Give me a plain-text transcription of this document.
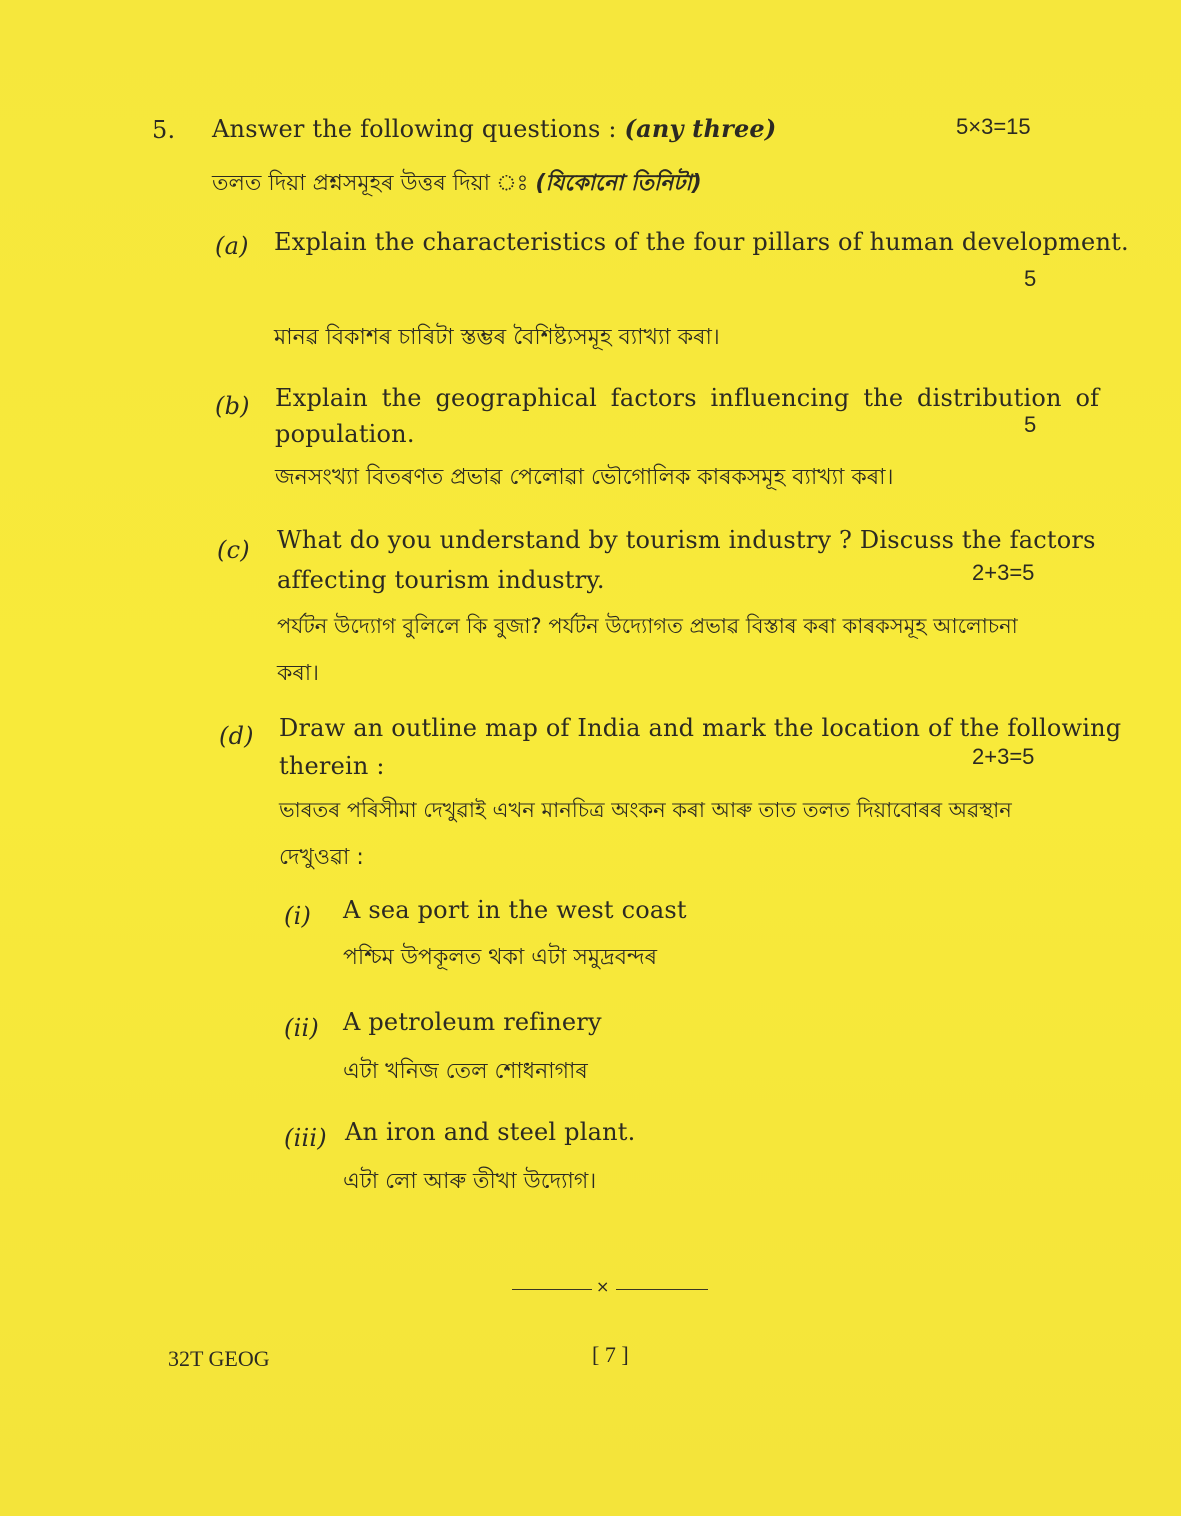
5. Answer the following questions : (any three)	5×3=15
তলত দিয়া প্ৰশ্নসমূহৰ উত্তৰ দিয়া ঃ (যিকোনো তিনিটা)
(a) Explain the characteristics of the four pillars of human development.
5
মানৱ বিকাশৰ চাৰিটা স্তম্ভৰ বৈশিষ্ট্যসমূহ ব্যাখ্যা কৰা।
(b) Explain the geographical factors influencing the distribution of
population.	5
জনসংখ্যা বিতৰণত প্ৰভাৱ পেলোৱা ভৌগোলিক কাৰকসমূহ ব্যাখ্যা কৰা।
(c) What do you understand by tourism industry ? Discuss the factors
affecting tourism industry.	2+3=5
পৰ্যটন উদ্যোগ বুলিলে কি বুজা? পৰ্যটন উদ্যোগত প্ৰভাৱ বিস্তাৰ কৰা কাৰকসমূহ আলোচনা
কৰা।
(d) Draw an outline map of India and mark the location of the following
therein :	2+3=5
ভাৰতৰ পৰিসীমা দেখুৱাই এখন মানচিত্ৰ অংকন কৰা আৰু তাত তলত দিয়াবোৰৰ অৱস্থান
দেখুওৱা :
(i) A sea port in the west coast
পশ্চিম উপকূলত থকা এটা সমুদ্ৰবন্দৰ
(ii) A petroleum refinery
এটা খনিজ তেল শোধনাগাৰ
(iii) An iron and steel plant.
এটা লো আৰু তীখা উদ্যোগ।
×
32T GEOG	[ 7 ]
